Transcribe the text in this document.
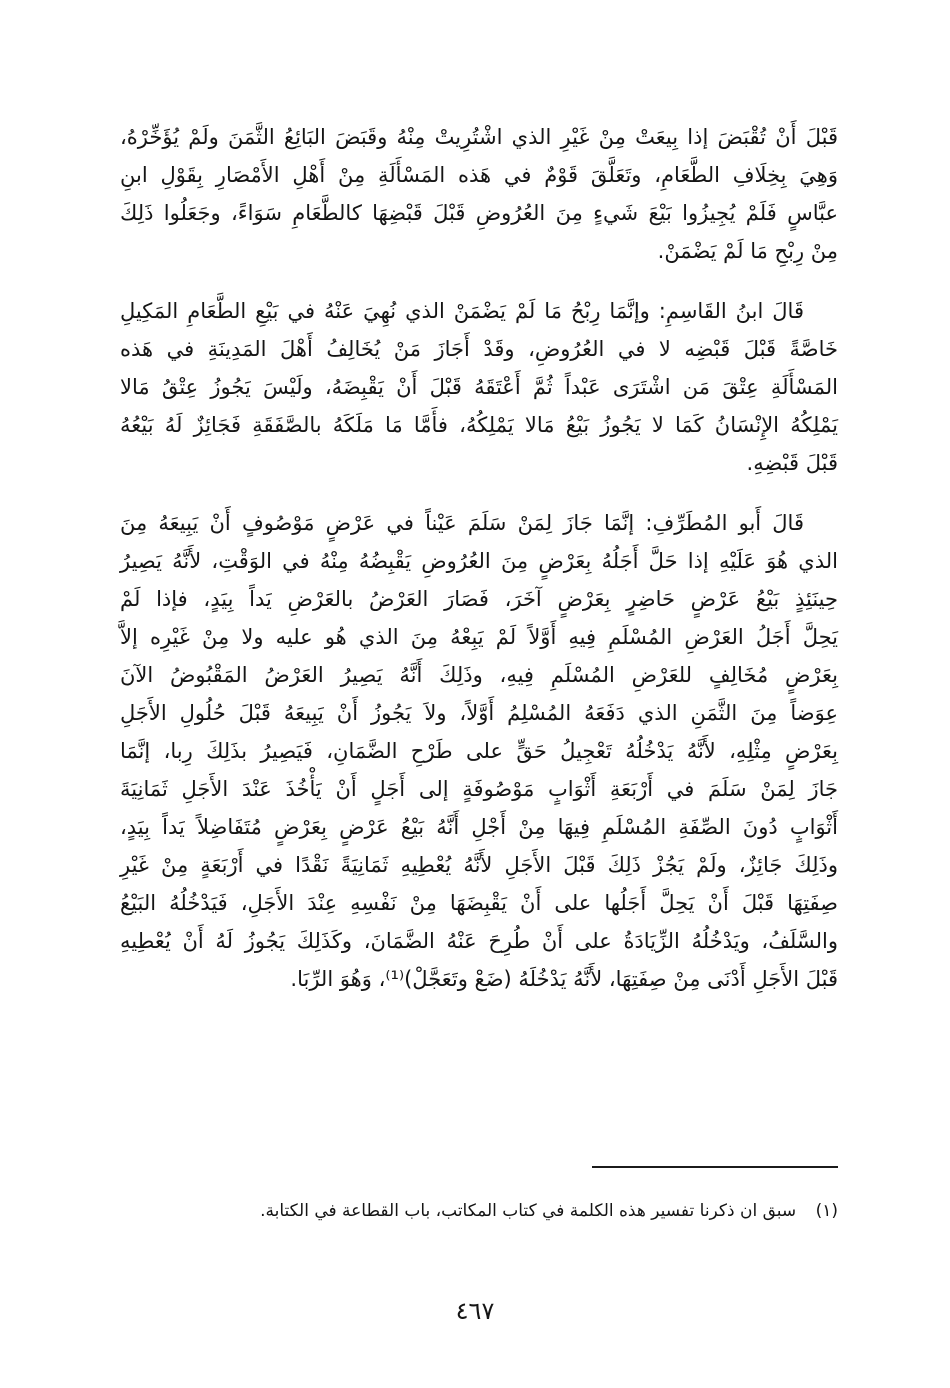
قَبْلَ أَنْ تُقْبَضَ إذا بِيعَتْ مِنْ غَيْرِ الذي اشْتُرِيتْ مِنْهُ وقَبَضَ البَائِعُ الثَّمَنَ ولَمْ يُؤَخِّرْهُ،
وَهِيَ بِخِلَافِ الطَّعَامِ، وتَعَلَّقَ قَوْمٌ في هَذه المَسْأَلَةِ مِنْ أَهْلِ الأَمْصَارِ بِقَوْلِ ابنِ
عبَّاسٍ فَلَمْ يُجِيزُوا بَيْعَ شَيءٍ مِنَ العُرُوضِ قَبْلَ قَبْضِهَا كالطَّعَامِ سَوَاءً، وجَعَلُوا ذَلِكَ
مِنْ رِبْحِ مَا لَمْ يَضْمَنْ.
قَالَ ابنُ القَاسِمِ: وإنَّمَا رِبْحُ مَا لَمْ يَضْمَنْ الذي نُهِيَ عَنْهُ في بَيْعِ الطَّعَامِ المَكِيلِ
خَاصَّةً قَبْلَ قَبْضِه لا في العُرُوضِ، وقَدْ أَجَازَ مَنْ يُخَالِفُ أَهْلَ المَدِينَةِ في هَذه
المَسْأَلَةِ عِتْقَ مَن اشْتَرَى عَبْداً ثُمَّ أَعْتَقَهُ قَبْلَ أَنْ يَقْبِضَهُ، ولَيْسَ يَجُوزُ عِتْقُ مَالا
يَمْلِكُهُ الإِنْسَانُ كَمَا لا يَجُوزُ بَيْعُ مَالا يَمْلِكُهُ، فأَمَّا مَا مَلَكَهُ بالصَّفَقَةِ فَجَائِزٌ لَهُ بَيْعُهُ
قَبْلَ قَبْضِهِ.
قَالَ أَبو المُطَرِّفِ: إنَّمَا جَازَ لِمَنْ سَلَمَ عَيْناً في عَرْضٍ مَوْصُوفٍ أَنْ يَبِيعَهُ مِنَ
الذي هُوَ عَلَيْهِ إذا حَلَّ أَجَلُهُ بِعَرْضٍ مِنَ العُرُوضِ يَقْبِضُهُ مِنْهُ في الوَقْتِ، لأَنَّهُ يَصِيرُ
حِينَئِذٍ بَيْعُ عَرْضٍ حَاضِرٍ بِعَرْضٍ آخَرَ، فَصَارَ العَرْضُ بالعَرْضِ يَداً بِيَدٍ، فإذا لَمْ
يَحِلَّ أَجَلُ العَرْضِ المُسْلَمِ فِيهِ أَوَّلاً لَمْ يَبِعْهُ مِنَ الذي هُو عليه ولا مِنْ غَيْرِه إلاَّ
بِعَرْضٍ مُخَالِفٍ للعَرْضِ المُسْلَمِ فِيهِ، وذَلِكَ أَنَّهُ يَصِيرُ العَرْضُ المَقْبُوضُ الآنَ
عِوَضاً مِنَ الثَّمَنِ الذي دَفَعَهُ المُسْلِمُ أَوَّلاً، ولاَ يَجُوزُ أَنْ يَبِيعَهُ قَبْلَ حُلُولِ الأَجَلِ
بِعَرْضٍ مِثْلِهِ، لأَنَّهُ يَدْخُلُهُ تَعْجِيلُ حَقٍّ على طَرْحِ الضَّمَانِ، فَيَصِيرُ بذَلِكَ رِبا، إنَّمَا
جَازَ لِمَنْ سَلَمَ في أَرْبَعَةِ أَثْوَابٍ مَوْصُوفَةٍ إلى أَجَلٍ أَنْ يَأْخُذَ عَنْدَ الأَجَلِ ثَمَانِيَةَ
أَثْوَابٍ دُونَ الصِّفَةِ المُسْلَمِ فِيهَا مِنْ أَجْلِ أَنَّهُ بَيْعُ عَرْضٍ بِعَرْضٍ مُتَفَاضِلاً يَداً بِيَدٍ،
وذَلِكَ جَائِزٌ، ولَمْ يَجُزْ ذَلِكَ قَبْلَ الأَجَلِ لأَنَّهُ يُعْطِيهِ ثَمَانِيَةً نَقْدًا في أَرْبَعَةٍ مِنْ غَيْرِ
صِفَتِهَا قَبْلَ أَنْ يَحِلَّ أَجَلُها على أَنْ يَقْبِضَهَا مِنْ نَفْسِهِ عِنْدَ الأَجَلِ، فَيَدْخُلُهُ البَيْعُ
والسَّلَفُ، ويَدْخُلُهُ الزِّيَادَةُ على أَنْ طُرِحَ عَنْهُ الضَّمَانَ، وكَذَلِكَ يَجُوزُ لَهُ أَنْ يُعْطِيهِ
قَبْلَ الأَجَلِ أَدْنَى مِنْ صِفَتِهَا، لأَنَّهُ يَدْخُلَهُ (ضَعْ وتَعَجَّلْ)⁽¹⁾، وَهُوَ الرِّبَا.
(١) سبق ان ذكرنا تفسير هذه الكلمة في كتاب المكاتب، باب القطاعة في الكتابة.
٤٦٧
